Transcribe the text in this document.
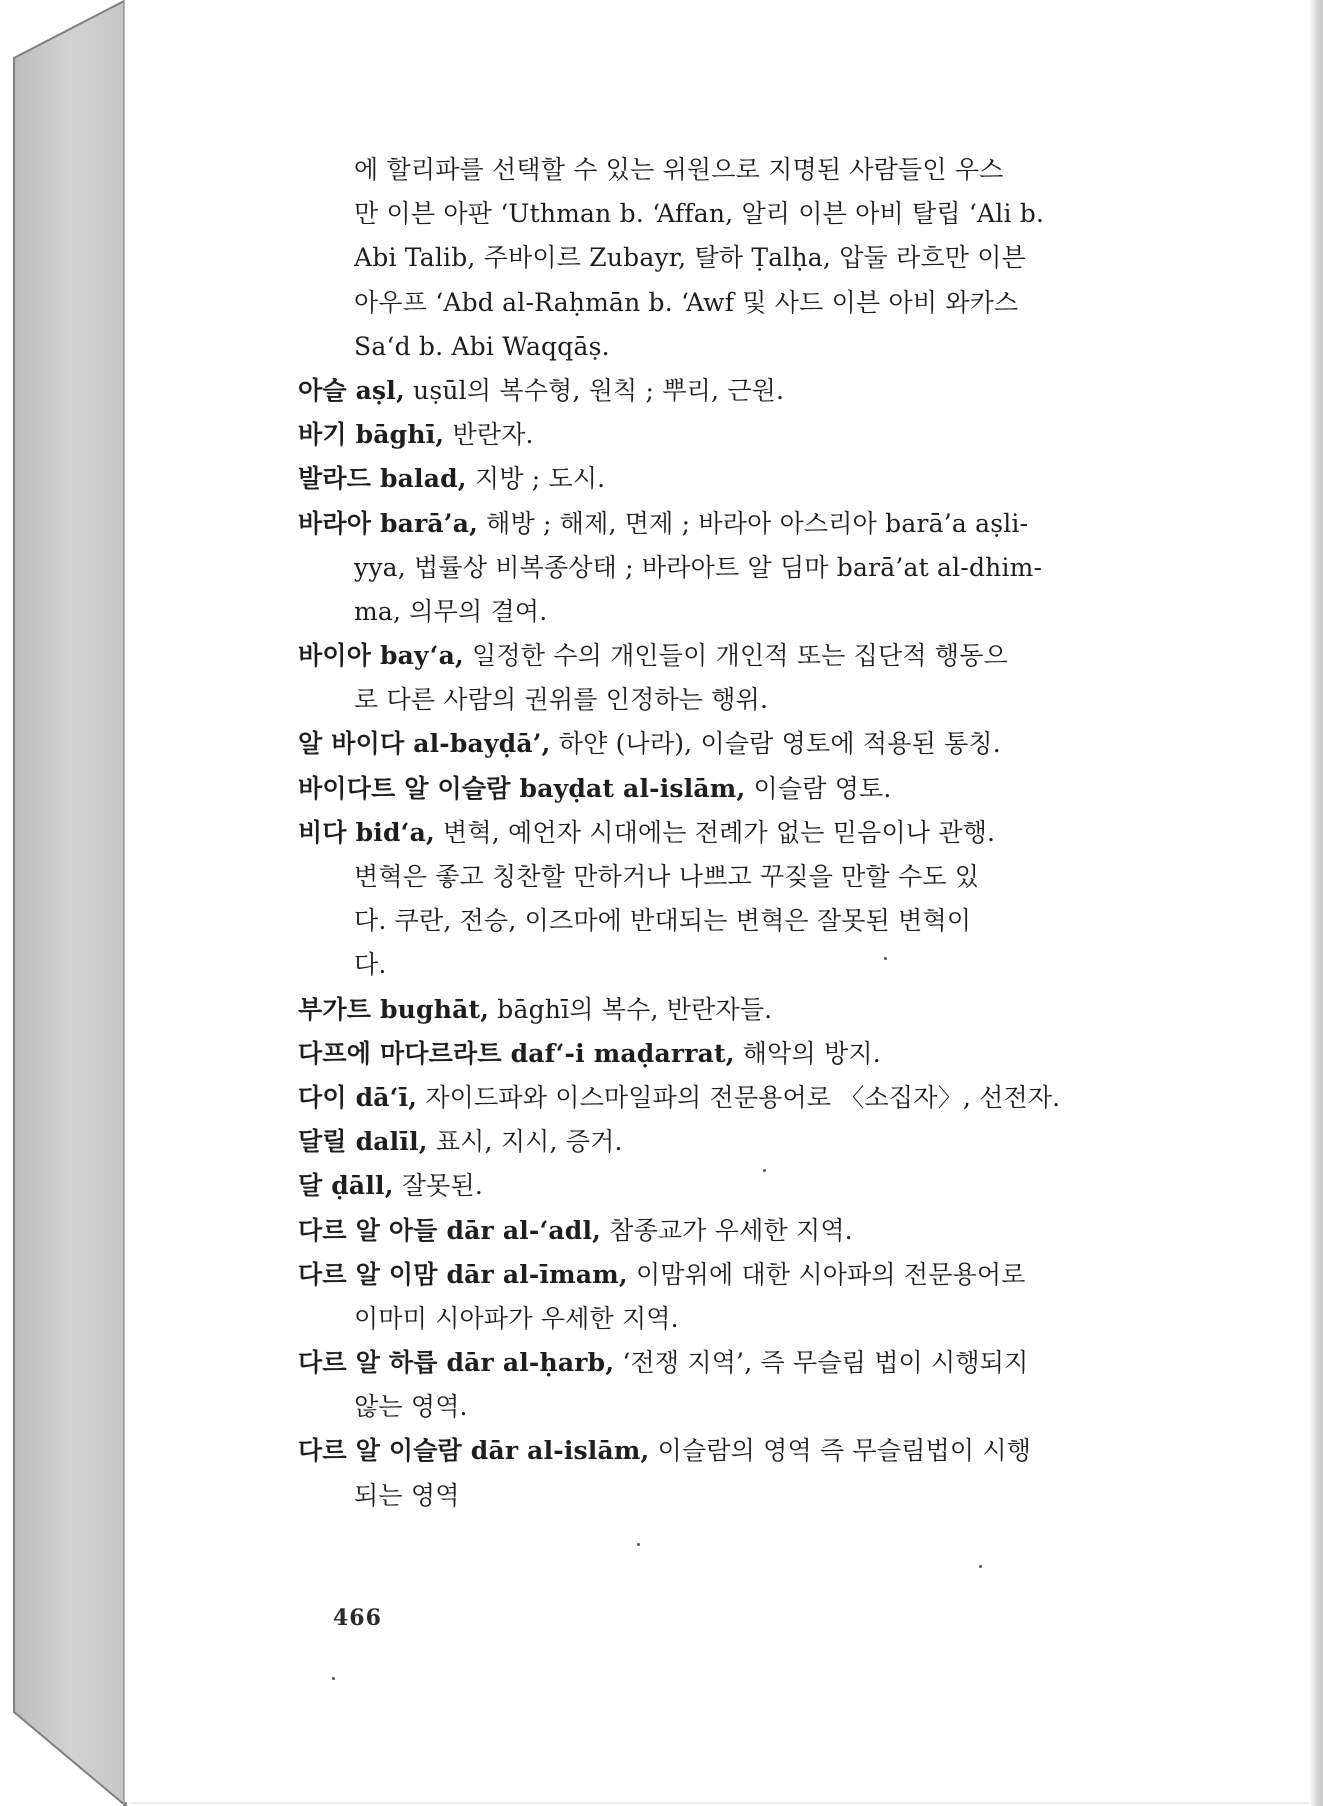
에 할리파를 선택할 수 있는 위원으로 지명된 사람들인 우스
만 이븐 아판 ‘Uthman b. ‘Affan, 알리 이븐 아비 탈립 ‘Ali b.
Abi Talib, 주바이르 Zubayr, 탈하 Ṭalḥa, 압둘 라흐만 이븐
아우프 ‘Abd al-Raḥmān b. ‘Awf 및 사드 이븐 아비 와카스
Sa‘d b. Abi Waqqāṣ.
아슬 aṣl, uṣūl의 복수형, 원칙 ; 뿌리, 근원.
바기 bāghī, 반란자.
발라드 balad, 지방 ; 도시.
바라아 barā’a, 해방 ; 해제, 면제 ; 바라아 아스리아 barā’a aṣli-
yya, 법률상 비복종상태 ; 바라아트 알 딤마 barā’at al-dhim-
ma, 의무의 결여.
바이아 bay‘a, 일정한 수의 개인들이 개인적 또는 집단적 행동으
로 다른 사람의 권위를 인정하는 행위.
알 바이다 al-bayḍā’, 하얀 (나라), 이슬람 영토에 적용된 통칭.
바이다트 알 이슬람 bayḍat al-islām, 이슬람 영토.
비다 bid‘a, 변혁, 예언자 시대에는 전례가 없는 믿음이나 관행.
변혁은 좋고 칭찬할 만하거나 나쁘고 꾸짖을 만할 수도 있
다. 쿠란, 전승, 이즈마에 반대되는 변혁은 잘못된 변혁이
다.
부가트 bughāt, bāghī의 복수, 반란자들.
다프에 마다르라트 daf‘-i maḍarrat, 해악의 방지.
다이 dā‘ī, 자이드파와 이스마일파의 전문용어로 〈소집자〉, 선전자.
달릴 dalīl, 표시, 지시, 증거.
달 ḍāll, 잘못된.
다르 알 아들 dār al-‘adl, 참종교가 우세한 지역.
다르 알 이맘 dār al-īmam, 이맘위에 대한 시아파의 전문용어로
이마미 시아파가 우세한 지역.
다르 알 하릅 dār al-ḥarb, ‘전쟁 지역’, 즉 무슬림 법이 시행되지
않는 영역.
다르 알 이슬람 dār al-islām, 이슬람의 영역 즉 무슬림법이 시행
되는 영역
466
